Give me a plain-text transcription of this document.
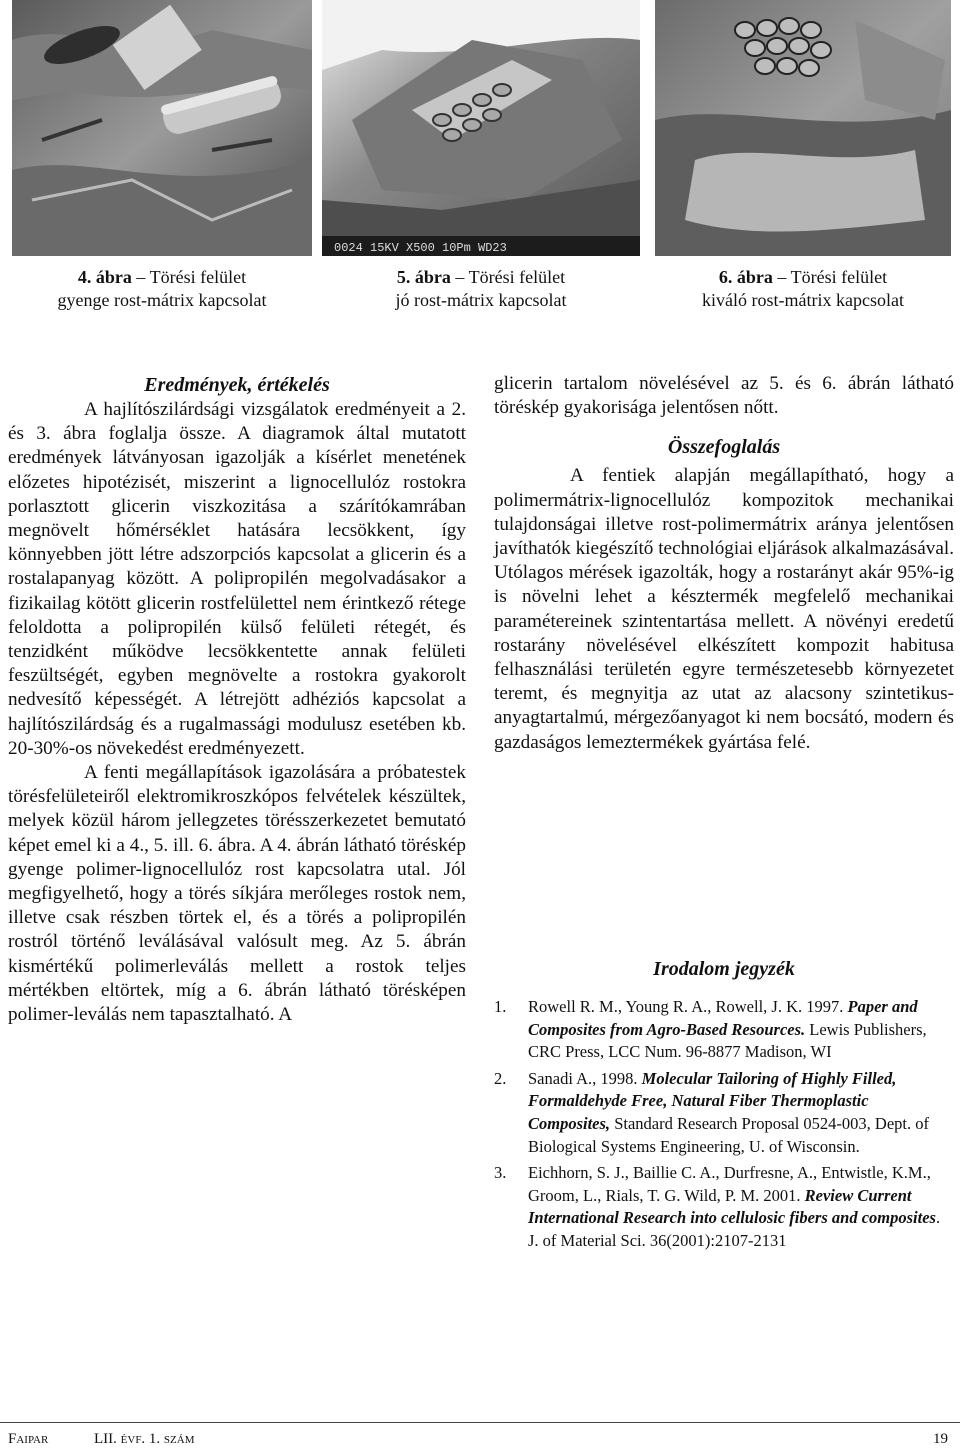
0024 15KV X500 10Pm WD23
4. ábra – Törési felület
gyenge rost-mátrix kapcsolat
5. ábra – Törési felület
jó rost-mátrix kapcsolat
6. ábra – Törési felület
kiváló rost-mátrix kapcsolat

Eredmények, értékelés

A hajlítószilárdsági vizsgálatok eredményeit a 2. és 3. ábra foglalja össze. A diagramok által mutatott eredmények látványosan igazolják a kísérlet menetének előzetes hipotézisét, miszerint a lignocellulóz rostokra porlasztott glicerin viszkozitása a szárítókamrában megnövelt hőmérséklet hatására lecsökkent, így könnyebben jött létre adszorpciós kapcsolat a glicerin és a rostalapanyag között. A polipropilén megolvadásakor a fizikailag kötött glicerin rostfelülettel nem érintkező rétege feloldotta a polipropilén külső felületi rétegét, és tenzidként működve lecsökkentette annak felületi feszültségét, egyben megnövelte a rostokra gyakorolt nedvesítő képességét. A létrejött adhéziós kapcsolat a hajlítószilárdság és a rugalmassági modulusz esetében kb. 20-30%-os növekedést eredményezett.

A fenti megállapítások igazolására a próbatestek törésfelületeiről elektromikroszkópos felvételek készültek, melyek közül három jellegzetes törésszerkezetet bemutató képet emel ki a 4., 5. ill. 6. ábra. A 4. ábrán látható töréskép gyenge polimer-lignocellulóz rost kapcsolatra utal. Jól megfigyelhető, hogy a törés síkjára merőleges rostok nem, illetve csak részben törtek el, és a törés a polipropilén rostról történő leválásával valósult meg. Az 5. ábrán kismértékű polimerleválás mellett a rostok teljes mértékben eltörtek, míg a 6. ábrán látható törésképen polimer-leválás nem tapasztalható. A

glicerin tartalom növelésével az 5. és 6. ábrán látható töréskép gyakorisága jelentősen nőtt.

Összefoglalás

A fentiek alapján megállapítható, hogy a polimermátrix-lignocellulóz kompozitok mechanikai tulajdonságai illetve rost-polimermátrix aránya jelentősen javíthatók kiegészítő technológiai eljárások alkalmazásával. Utólagos mérések igazolták, hogy a rostarányt akár 95%-ig is növelni lehet a késztermék megfelelő mechanikai paramétereinek szintentartása mellett. A növényi eredetű rostarány növelésével elkészített kompozit habitusa felhasználási területén egyre természetesebb környezetet teremt, és megnyitja az utat az alacsony szintetikus-anyagtartalmú, mérgezőanyagot ki nem bocsátó, modern és gazdaságos lemeztermékek gyártása felé.

Irodalom jegyzék

1. Rowell R. M., Young R. A., Rowell, J. K. 1997. Paper and Composites from Agro-Based Resources. Lewis Publishers, CRC Press, LCC Num. 96-8877 Madison, WI
2. Sanadi A., 1998. Molecular Tailoring of Highly Filled, Formaldehyde Free, Natural Fiber Thermoplastic Composites, Standard Research Proposal 0524-003, Dept. of Biological Systems Engineering, U. of Wisconsin.
3. Eichhorn, S. J., Baillie C. A., Durfresne, A., Entwistle, K.M., Groom, L., Rials, T. G. Wild, P. M. 2001. Review Current International Research into cellulosic fibers and composites. J. of Material Sci. 36(2001):2107-2131
Faipar	LII. évf. 1. szám	19
